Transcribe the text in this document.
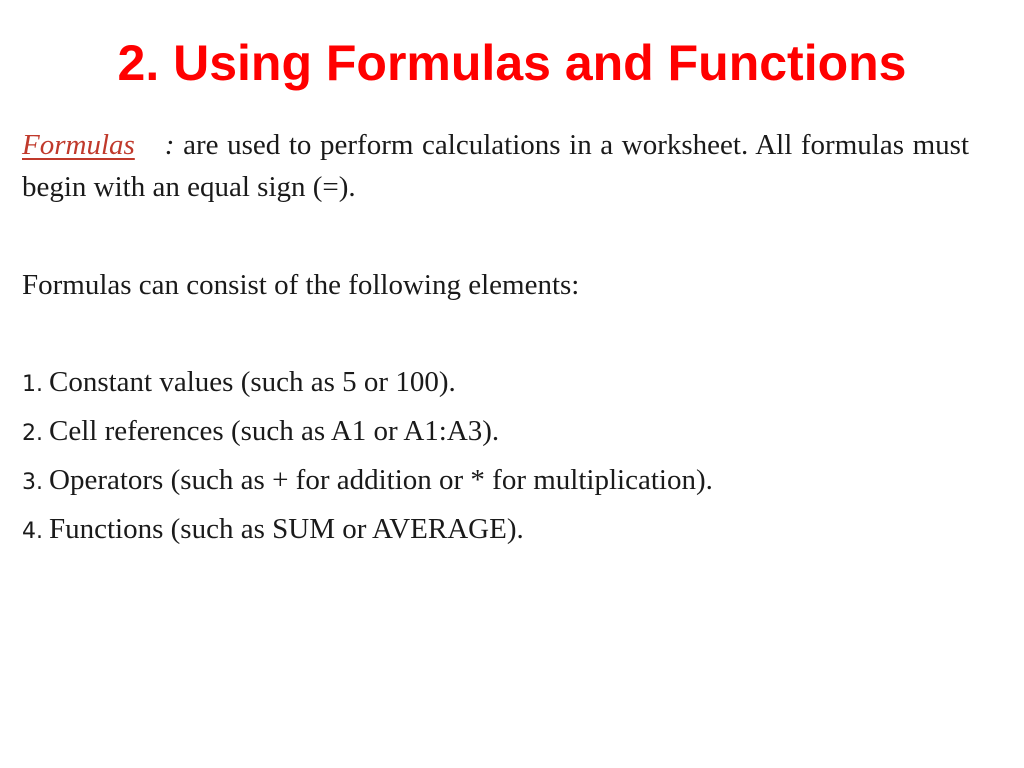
2. Using Formulas and Functions
Formulas : are used to perform calculations in a worksheet. All formulas must begin with an equal sign (=).
Formulas can consist of the following elements:
1. Constant values (such as 5 or 100).
2. Cell references (such as A1 or A1:A3).
3. Operators (such as + for addition or * for multiplication).
4. Functions (such as SUM or AVERAGE).
